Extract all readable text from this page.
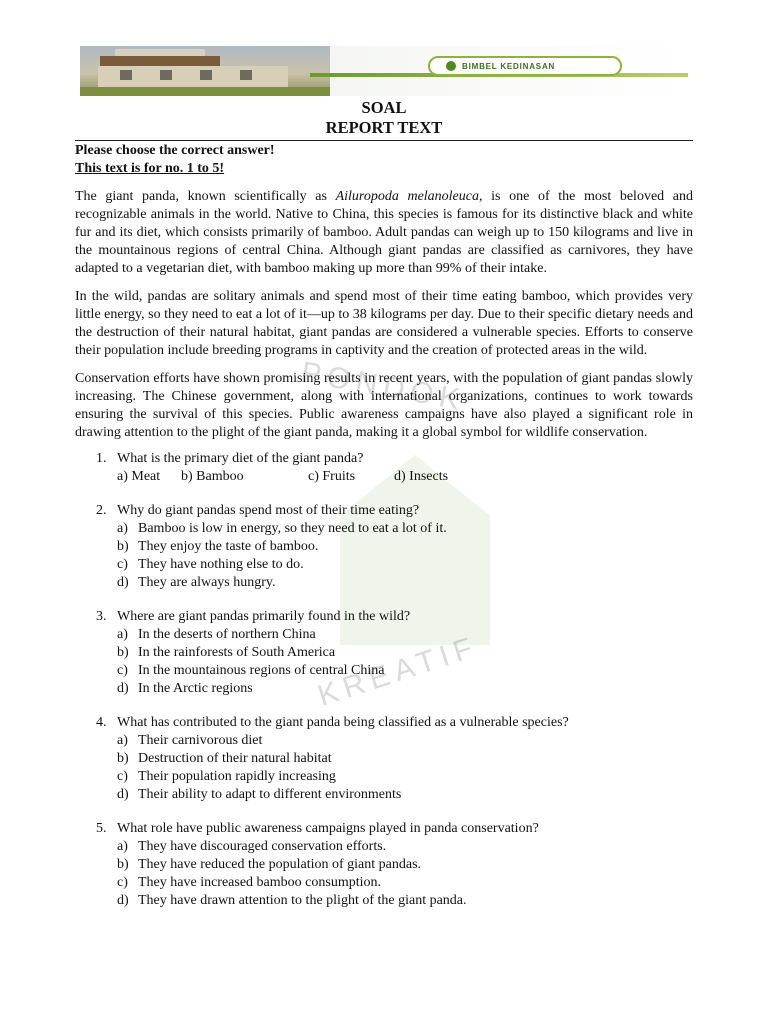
BIMBEL KEDINASAN
PONDOK
KREATIF
SOAL
REPORT TEXT
Please choose the correct answer!
This text is for no. 1 to 5!

The giant panda, known scientifically as Ailuropoda melanoleuca, is one of the most beloved and recognizable animals in the world. Native to China, this species is famous for its distinctive black and white fur and its diet, which consists primarily of bamboo. Adult pandas can weigh up to 150 kilograms and live in the mountainous regions of central China. Although giant pandas are classified as carnivores, they have adapted to a vegetarian diet, with bamboo making up more than 99% of their intake.

In the wild, pandas are solitary animals and spend most of their time eating bamboo, which provides very little energy, so they need to eat a lot of it—up to 38 kilograms per day. Due to their specific dietary needs and the destruction of their natural habitat, giant pandas are considered a vulnerable species. Efforts to conserve their population include breeding programs in captivity and the creation of protected areas in the wild.

Conservation efforts have shown promising results in recent years, with the population of giant pandas slowly increasing. The Chinese government, along with international organizations, continues to work towards ensuring the survival of this species. Public awareness campaigns have also played a significant role in drawing attention to the plight of the giant panda, making it a global symbol for wildlife conservation.

1. What is the primary diet of the giant panda?
a) Meat	b) Bamboo	c) Fruits	d) Insects
2. Why do giant pandas spend most of their time eating?
a) Bamboo is low in energy, so they need to eat a lot of it.
b) They enjoy the taste of bamboo.
c) They have nothing else to do.
d) They are always hungry.
3. Where are giant pandas primarily found in the wild?
a) In the deserts of northern China
b) In the rainforests of South America
c) In the mountainous regions of central China
d) In the Arctic regions
4. What has contributed to the giant panda being classified as a vulnerable species?
a) Their carnivorous diet
b) Destruction of their natural habitat
c) Their population rapidly increasing
d) Their ability to adapt to different environments
5. What role have public awareness campaigns played in panda conservation?
a) They have discouraged conservation efforts.
b) They have reduced the population of giant pandas.
c) They have increased bamboo consumption.
d) They have drawn attention to the plight of the giant panda.
